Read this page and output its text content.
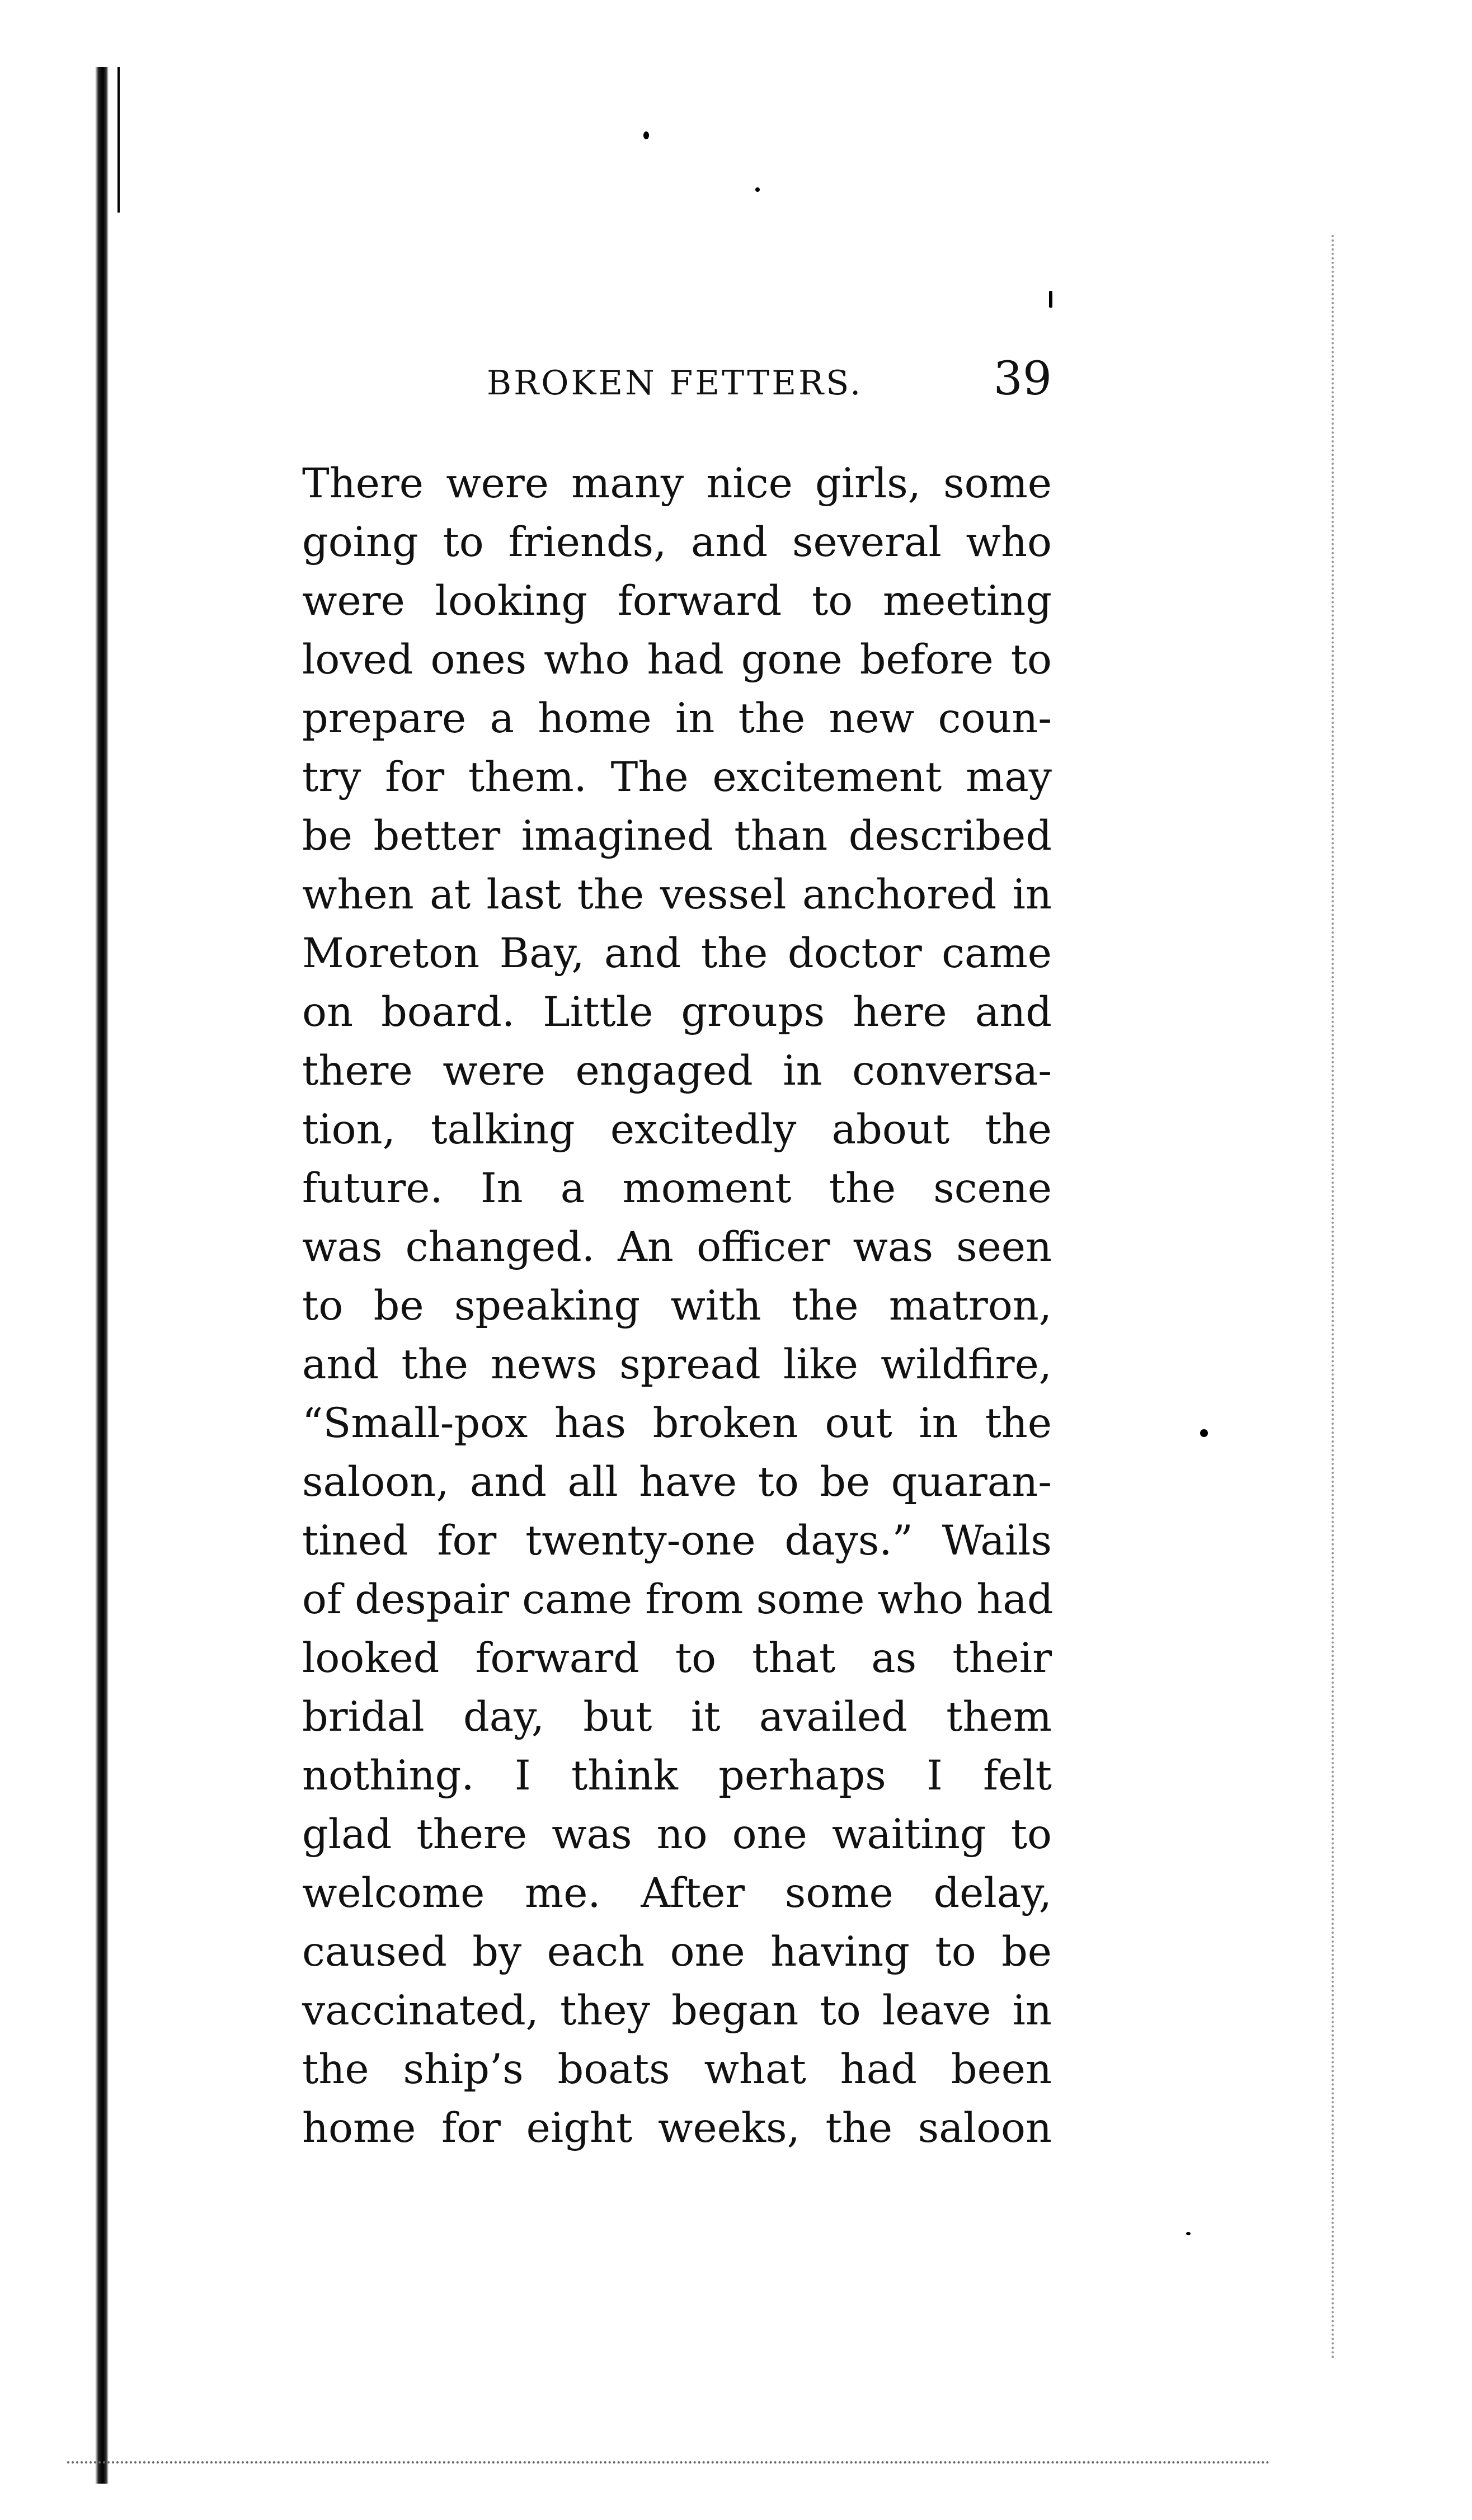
BROKEN FETTERS.	39
There were many nice girls, some
going to friends, and several who
were looking forward to meeting
loved ones who had gone before to
prepare a home in the new coun-
try for them. The excitement may
be better imagined than described
when at last the vessel anchored in
Moreton Bay, and the doctor came
on board. Little groups here and
there were engaged in conversa-
tion, talking excitedly about the
future. In a moment the scene
was changed. An officer was seen
to be speaking with the matron,
and the news spread like wildfire,
“Small-pox has broken out in the
saloon, and all have to be quaran-
tined for twenty-one days.” Wails
of despair came from some who had
looked forward to that as their
bridal day, but it availed them
nothing. I think perhaps I felt
glad there was no one waiting to
welcome me. After some delay,
caused by each one having to be
vaccinated, they began to leave in
the ship’s boats what had been
home for eight weeks, the saloon
